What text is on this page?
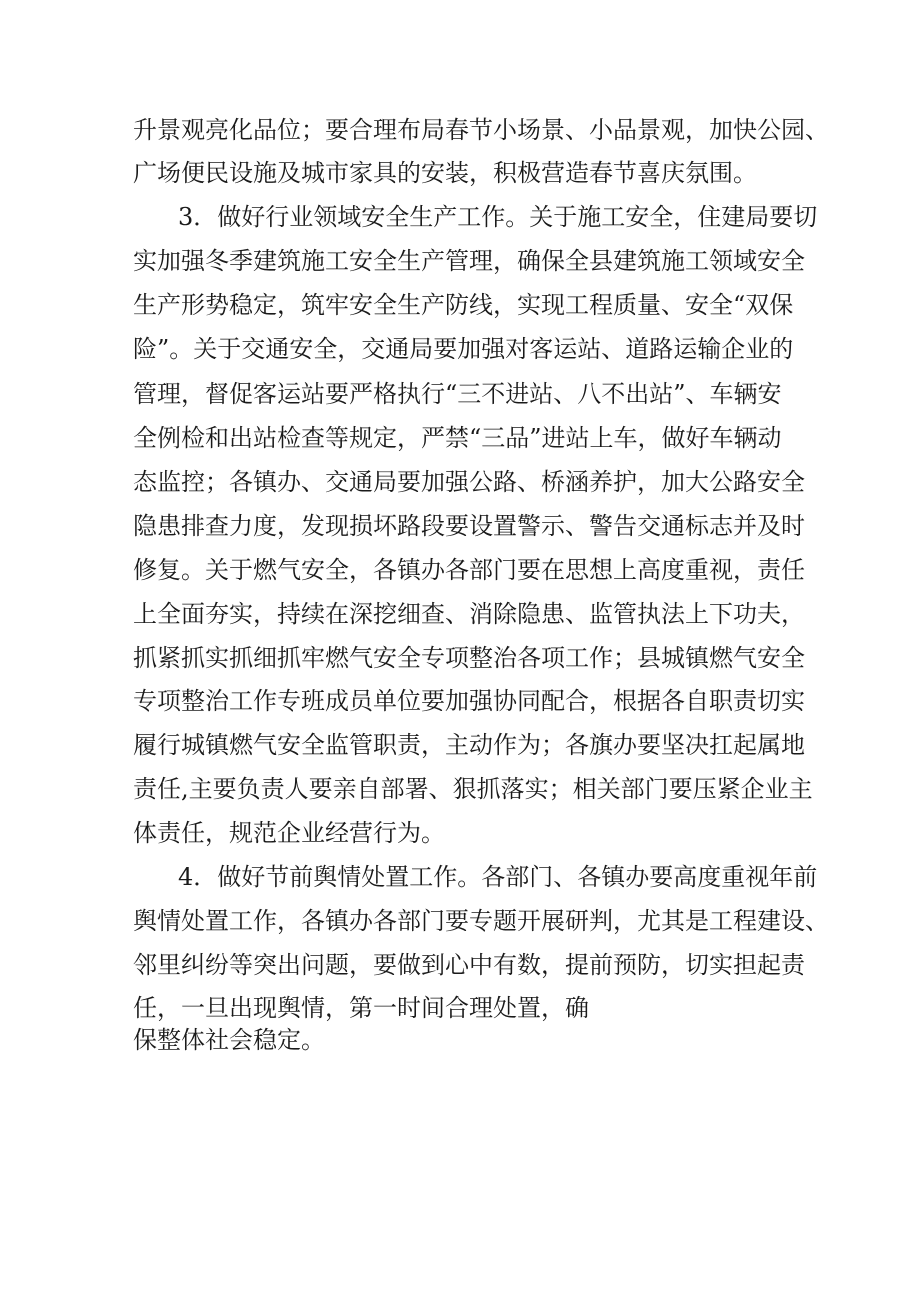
升景观亮化品位；要合理布局春节小场景、小品景观，加快公园、
广场便民设施及城市家具的安装，积极营造春节喜庆氛围。
3．做好行业领域安全生产工作。关于施工安全，住建局要切
实加强冬季建筑施工安全生产管理，确保全县建筑施工领域安全
生产形势稳定，筑牢安全生产防线，实现工程质量、安全“双保
险”。关于交通安全，交通局要加强对客运站、道路运输企业的
管理，督促客运站要严格执行“三不进站、八不出站”、车辆安
全例检和出站检查等规定，严禁“三品”进站上车，做好车辆动
态监控；各镇办、交通局要加强公路、桥涵养护，加大公路安全
隐患排查力度，发现损坏路段要设置警示、警告交通标志并及时
修复。关于燃气安全，各镇办各部门要在思想上高度重视，责任
上全面夯实，持续在深挖细查、消除隐患、监管执法上下功夫，
抓紧抓实抓细抓牢燃气安全专项整治各项工作；县城镇燃气安全
专项整治工作专班成员单位要加强协同配合，根据各自职责切实
履行城镇燃气安全监管职责，主动作为；各旗办要坚决扛起属地
责任,主要负责人要亲自部署、狠抓落实；相关部门要压紧企业主
体责任，规范企业经营行为。
4．做好节前舆情处置工作。各部门、各镇办要高度重视年前
舆情处置工作，各镇办各部门要专题开展研判，尤其是工程建设、
邻里纠纷等突出问题，要做到心中有数，提前预防，切实担起责
任，一旦出现舆情，第一时间合理处置，确
保整体社会稳定。
